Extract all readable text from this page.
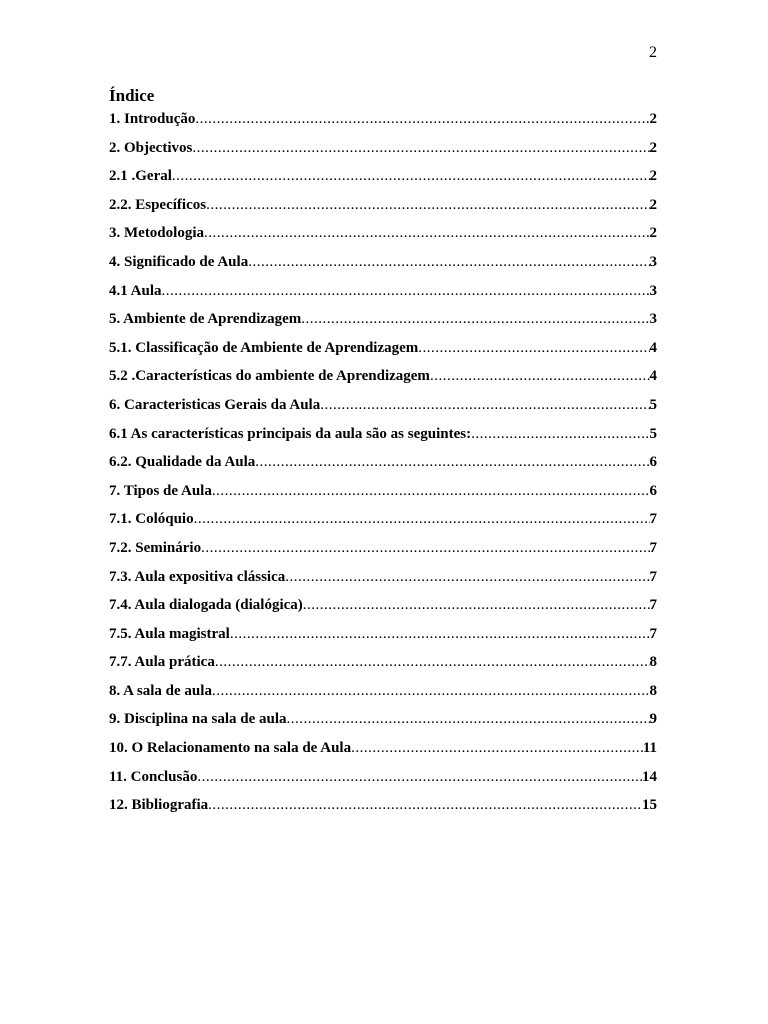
2
Índice
1. Introdução .....	2
2. Objectivos .....	2
2.1 .Geral .....	2
2.2. Específicos .....	2
3. Metodologia .....	2
4. Significado de Aula .....	3
4.1 Aula .....	3
5. Ambiente de Aprendizagem .....	3
5.1. Classificação de Ambiente de Aprendizagem .....	4
5.2 .Características do ambiente de Aprendizagem .....	4
6. Caracteristicas Gerais da Aula .....	5
6.1 As características principais da aula são as seguintes: .....	5
6.2. Qualidade da Aula .....	6
7. Tipos de Aula .....	6
7.1. Colóquio .....	7
7.2. Seminário .....	7
7.3. Aula expositiva clássica .....	7
7.4. Aula dialogada (dialógica) .....	7
7.5. Aula magistral .....	7
7.7. Aula prática .....	8
8. A sala de aula .....	8
9. Disciplina na sala de aula .....	9
10. O Relacionamento na sala de Aula .....	11
11. Conclusão .....	14
12. Bibliografia .....	15
